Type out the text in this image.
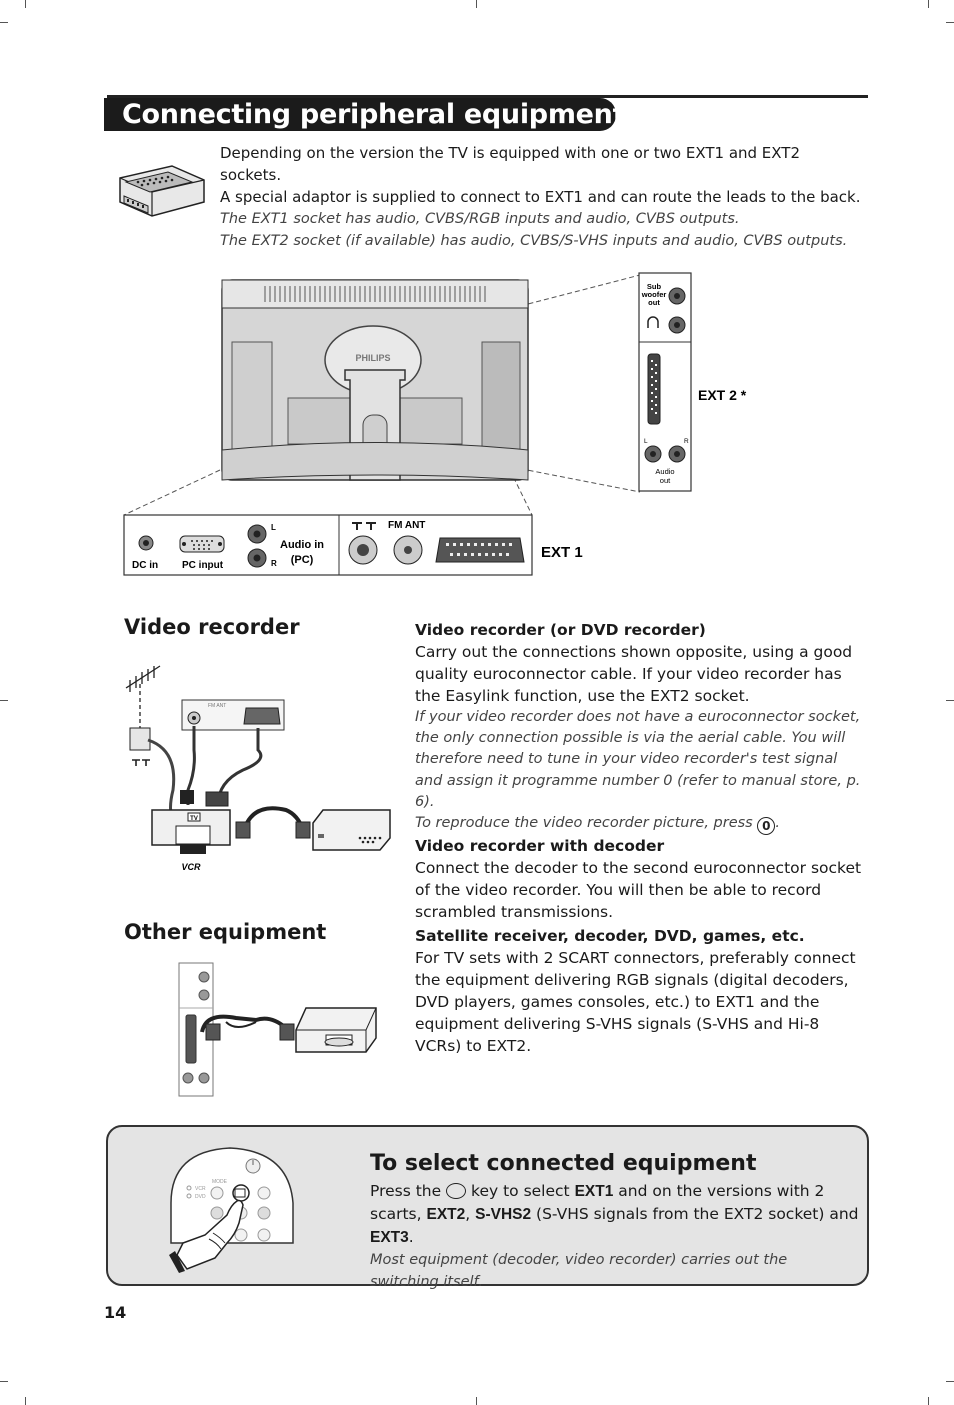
Connecting peripheral equipment
Depending on the version the TV is equipped with one or two EXT1 and EXT2 sockets.
A special adaptor is supplied to connect to EXT1 and can route the leads to the back.
The EXT1 socket has audio, CVBS/RGB inputs and audio, CVBS outputs.
The EXT2 socket (if available) has audio, CVBS/S-VHS inputs and audio, CVBS outputs.
PHILIPS
Sub
woofer
out
L	R
Audio
out
EXT 2 *
DC in PC input
L
R
Audio in
(PC)
FM ANT
EXT 1
Video recorder
FM ANT
TV
VCR
Video recorder (or DVD recorder)
Carry out the connections shown opposite, using a good quality euroconnector cable. If your video recorder has the Easylink function, use the EXT2 socket.
If your video recorder does not have a euroconnector socket, the only connection possible is via the aerial cable. You will therefore need to tune in your video recorder's test signal and assign it programme number 0 (refer to manual store, p. 6).
To reproduce the video recorder picture, press 0 .
Video recorder with decoder
Connect the decoder to the second euroconnector socket of the video recorder. You will then be able to record scrambled transmissions.
Other equipment	Satellite receiver, decoder, DVD, games, etc.
For TV sets with 2 SCART connectors, preferably connect the equipment delivering RGB signals (digital decoders, DVD players, games consoles, etc.) to EXT1 and the equipment delivering S-VHS signals (S-VHS and Hi-8 VCRs) to EXT2.
MODE
VCR
DVD
To select connected equipment
Press the  key to select EXT1 and on the versions with 2 scarts, EXT2, S-VHS2 (S-VHS signals from the EXT2 socket) and EXT3.
Most equipment (decoder, video recorder) carries out the switching itself.
14
